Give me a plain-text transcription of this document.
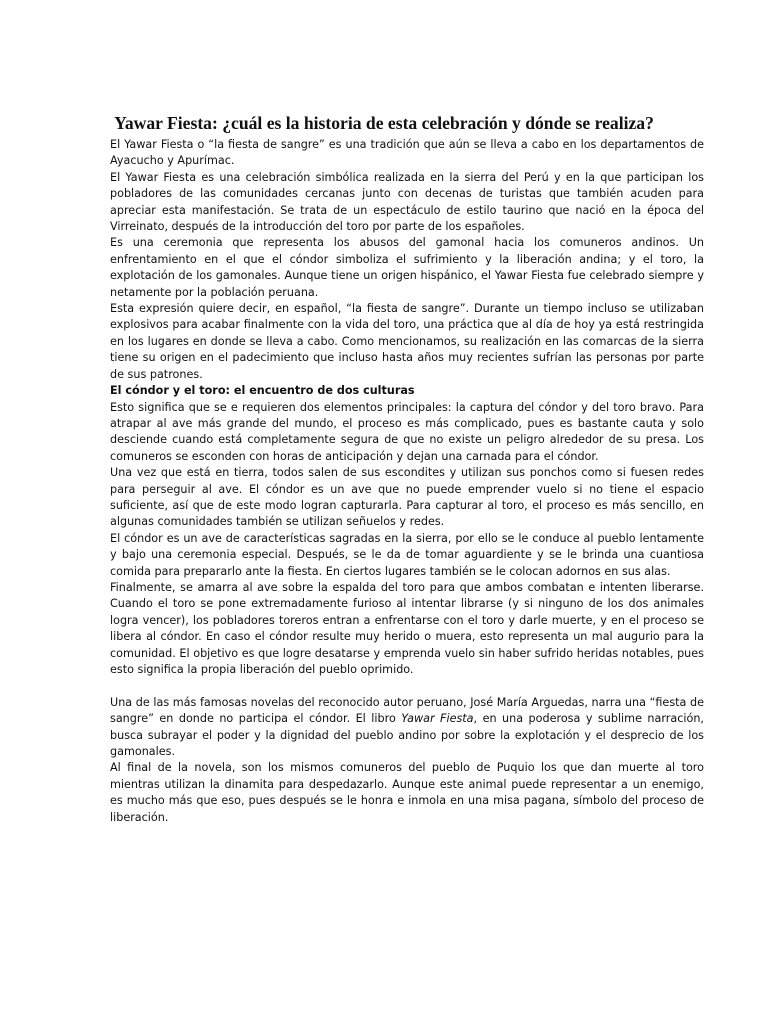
Yawar Fiesta: ¿cuál es la historia de esta celebración y dónde se realiza?

El Yawar Fiesta o “la fiesta de sangre” es una tradición que aún se lleva a cabo en los departamentos de Ayacucho y Apurímac.

El Yawar Fiesta es una celebración simbólica realizada en la sierra del Perú y en la que participan los pobladores de las comunidades cercanas junto con decenas de turistas que también acuden para apreciar esta manifestación. Se trata de un espectáculo de estilo taurino que nació en la época del Virreinato, después de la introducción del toro por parte de los españoles.

Es una ceremonia que representa los abusos del gamonal hacia los comuneros andinos. Un enfrentamiento en el que el cóndor simboliza el sufrimiento y la liberación andina; y el toro, la explotación de los gamonales. Aunque tiene un origen hispánico, el Yawar Fiesta fue celebrado siempre y netamente por la población peruana.

Esta expresión quiere decir, en español, “la fiesta de sangre”. Durante un tiempo incluso se utilizaban explosivos para acabar finalmente con la vida del toro, una práctica que al día de hoy ya está restringida en los lugares en donde se lleva a cabo. Como mencionamos, su realización en las comarcas de la sierra tiene su origen en el padecimiento que incluso hasta años muy recientes sufrían las personas por parte de sus patrones.

El cóndor y el toro: el encuentro de dos culturas

Esto significa que se e requieren dos elementos principales: la captura del cóndor y del toro bravo. Para atrapar al ave más grande del mundo, el proceso es más complicado, pues es bastante cauta y solo desciende cuando está completamente segura de que no existe un peligro alrededor de su presa. Los comuneros se esconden con horas de anticipación y dejan una carnada para el cóndor.

Una vez que está en tierra, todos salen de sus escondites y utilizan sus ponchos como si fuesen redes para perseguir al ave. El cóndor es un ave que no puede emprender vuelo si no tiene el espacio suficiente, así que de este modo logran capturarla. Para capturar al toro, el proceso es más sencillo, en algunas comunidades también se utilizan señuelos y redes.

El cóndor es un ave de características sagradas en la sierra, por ello se le conduce al pueblo lentamente y bajo una ceremonia especial. Después, se le da de tomar aguardiente y se le brinda una cuantiosa comida para prepararlo ante la fiesta. En ciertos lugares también se le colocan adornos en sus alas.

Finalmente, se amarra al ave sobre la espalda del toro para que ambos combatan e intenten liberarse. Cuando el toro se pone extremadamente furioso al intentar librarse (y si ninguno de los dos animales logra vencer), los pobladores toreros entran a enfrentarse con el toro y darle muerte, y en el proceso se libera al cóndor. En caso el cóndor resulte muy herido o muera, esto representa un mal augurio para la comunidad. El objetivo es que logre desatarse y emprenda vuelo sin haber sufrido heridas notables, pues esto significa la propia liberación del pueblo oprimido.

Una de las más famosas novelas del reconocido autor peruano, José María Arguedas, narra una “fiesta de sangre” en donde no participa el cóndor. El libro Yawar Fiesta, en una poderosa y sublime narración, busca subrayar el poder y la dignidad del pueblo andino por sobre la explotación y el desprecio de los gamonales.

Al final de la novela, son los mismos comuneros del pueblo de Puquio los que dan muerte al toro mientras utilizan la dinamita para despedazarlo. Aunque este animal puede representar a un enemigo, es mucho más que eso, pues después se le honra e inmola en una misa pagana, símbolo del proceso de liberación.
